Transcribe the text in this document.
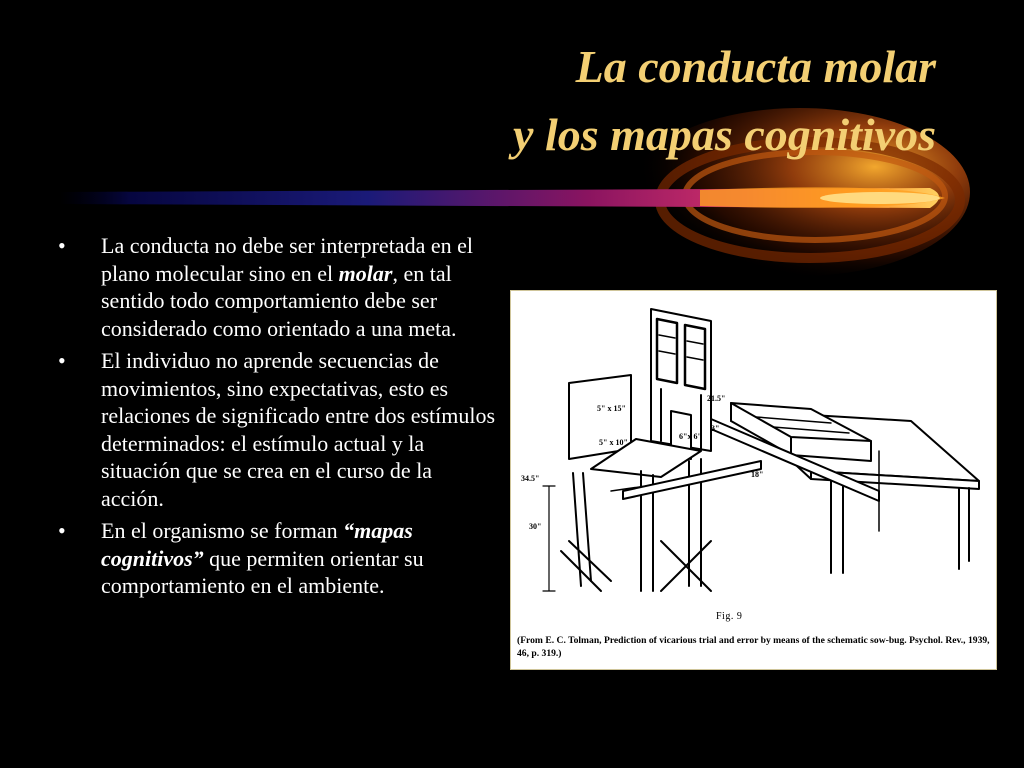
La conducta molar
y los mapas cognitivos
• La conducta no debe ser interpretada en el plano molecular sino en el molar, en tal sentido todo comportamiento debe ser considerado como orientado a una meta.
• El individuo no aprende secuencias de movimientos, sino expectativas, esto es relaciones de significado entre dos estímulos determinados: el estímulo actual y la situación que se crea en el curso de la acción.
• En el organismo se forman “mapas cognitivos” que permiten orientar su comportamiento en el ambiente.
5" x 15"
5" x 10"
21.5"
3"
6"x 6"
34.5"
30"
18"
Fig. 9
(From E. C. Tolman, Prediction of vicarious trial and error by means of the schematic sow-bug. Psychol. Rev., 1939, 46, p. 319.)
